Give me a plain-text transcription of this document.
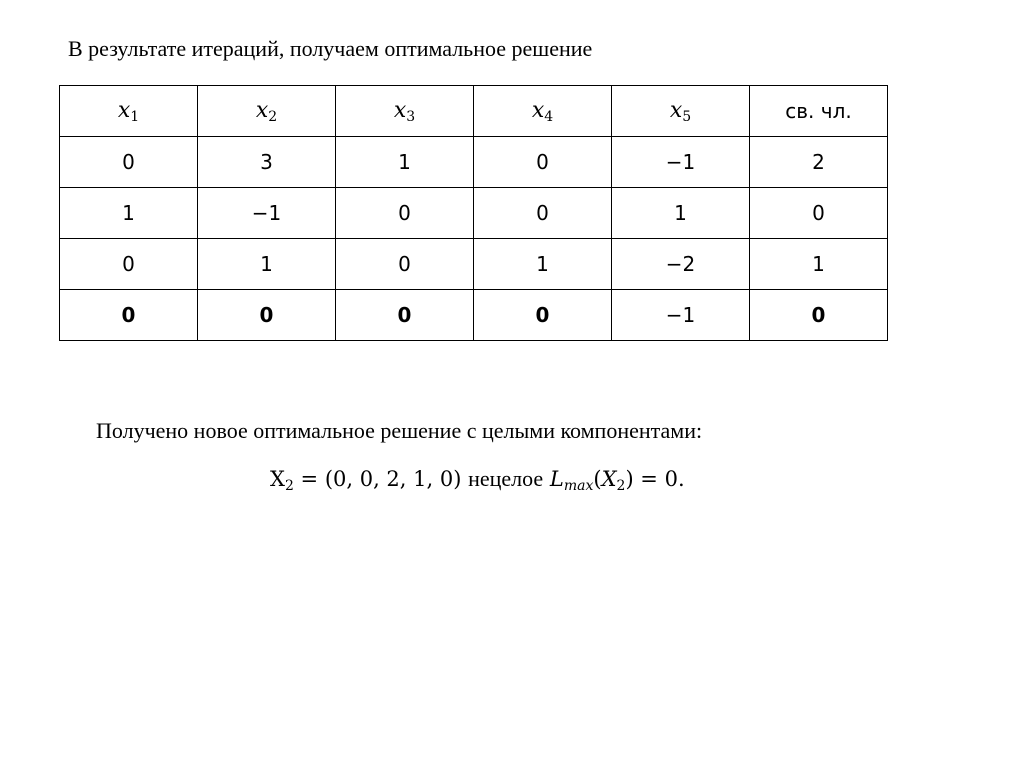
В результате итераций, получаем оптимальное решение
$x_1$	$x_2$	$x_3$	$x_4$	$x_5$	св. чл.
0	3	1	0	−1	2
1	−1	0	0	1	0
0	1	0	1	−2	1
0	0	0	0	−1	0
Получено новое оптимальное решение с целыми компонентами:
$X_2 = (0$, 0, 2, 1, 0) нецелое $L_{max}(X_2) = 0$.
